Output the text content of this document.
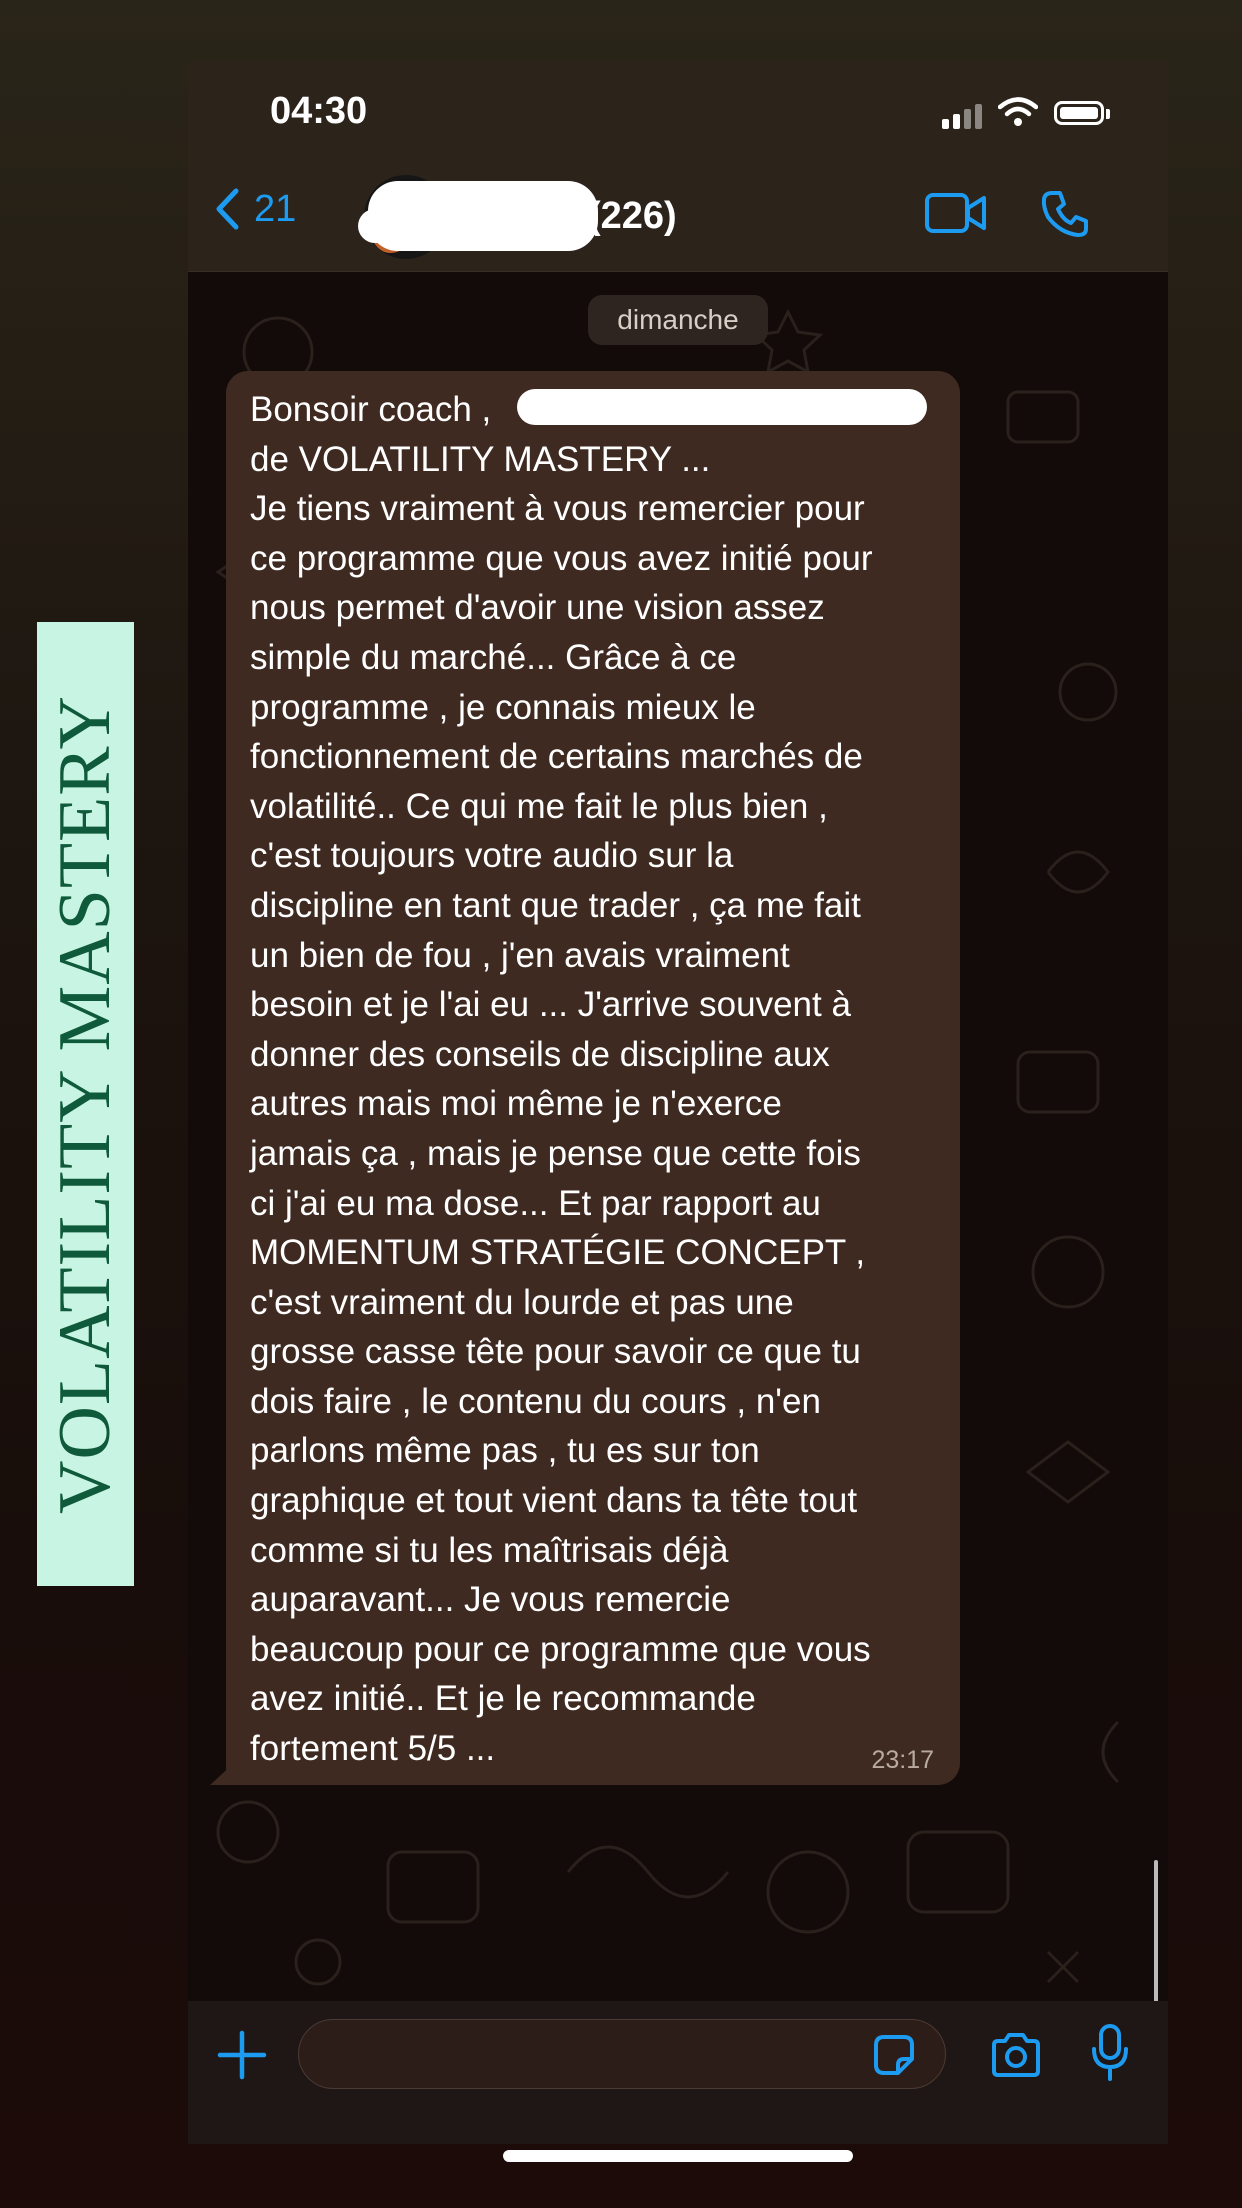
VOLATILITY MASTERY
04:30
21	(226)
dimanche
Bonsoir coach ,
de VOLATILITY MASTERY ...
Je tiens vraiment à vous remercier pour
ce programme que vous avez initié pour
nous permet d'avoir une vision assez
simple du marché... Grâce à ce
programme , je connais mieux le
fonctionnement de certains marchés de
volatilité.. Ce qui me fait le plus bien ,
c'est toujours votre audio sur la
discipline en tant que trader , ça me fait
un bien de fou , j'en avais vraiment
besoin et je l'ai eu ... J'arrive souvent à
donner des conseils de discipline aux
autres mais moi même je n'exerce
jamais ça , mais je pense que cette fois
ci j'ai eu ma dose... Et par rapport au
MOMENTUM STRATÉGIE CONCEPT ,
c'est vraiment du lourde et pas une
grosse casse tête pour savoir ce que tu
dois faire , le contenu du cours , n'en
parlons même pas , tu es sur ton
graphique et tout vient dans ta tête tout
comme si tu les maîtrisais déjà
auparavant... Je vous remercie
beaucoup pour ce programme que vous
avez initié.. Et je le recommande
fortement 5/5 ...	23:17
